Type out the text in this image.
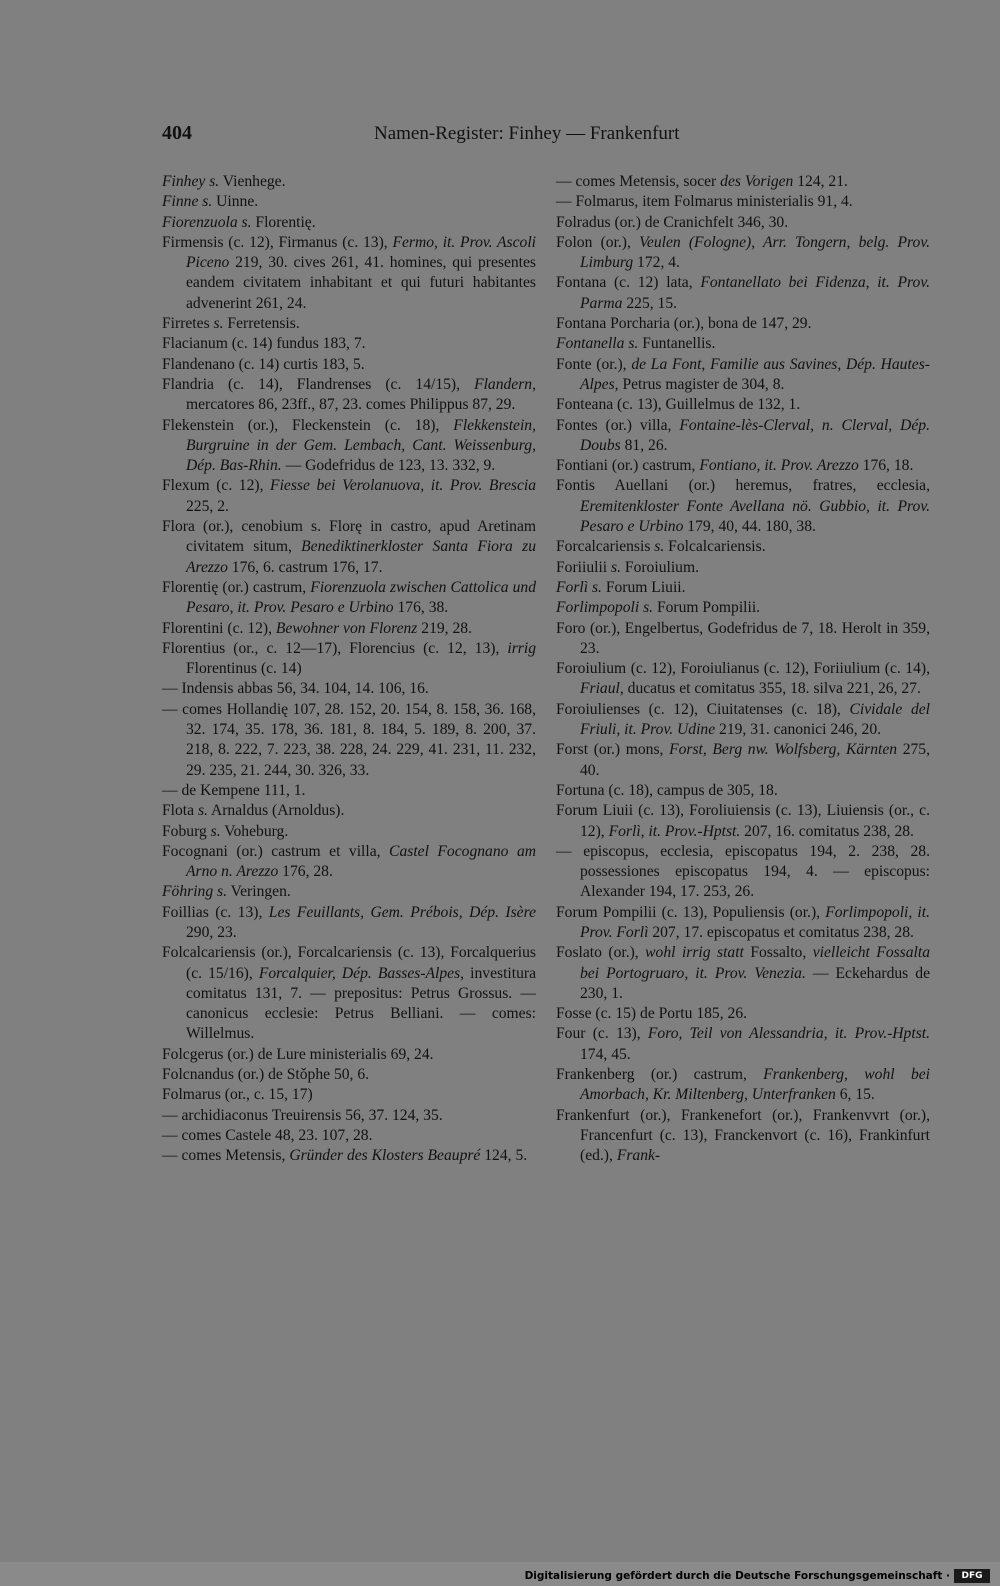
404	Namen-Register: Finhey — Frankenfurt

Finhey s. Vienhege.

Finne s. Uinne.

Fiorenzuola s. Florentię.

Firmensis (c. 12), Firmanus (c. 13), Fermo, it. Prov. Ascoli Piceno 219, 30. cives 261, 41. homines, qui presentes eandem civitatem inhabitant et qui futuri habitantes advenerint 261, 24.

Firretes s. Ferretensis.

Flacianum (c. 14) fundus 183, 7.

Flandenano (c. 14) curtis 183, 5.

Flandria (c. 14), Flandrenses (c. 14/15), Flandern, mercatores 86, 23ff., 87, 23. comes Philippus 87, 29.

Flekenstein (or.), Fleckenstein (c. 18), Flekkenstein, Burgruine in der Gem. Lembach, Cant. Weissenburg, Dép. Bas-Rhin. — Godefridus de 123, 13. 332, 9.

Flexum (c. 12), Fiesse bei Verolanuova, it. Prov. Brescia 225, 2.

Flora (or.), cenobium s. Florę in castro, apud Aretinam civitatem situm, Benediktinerkloster Santa Fiora zu Arezzo 176, 6. castrum 176, 17.

Florentię (or.) castrum, Fiorenzuola zwischen Cattolica und Pesaro, it. Prov. Pesaro e Urbino 176, 38.

Florentini (c. 12), Bewohner von Florenz 219, 28.

Florentius (or., c. 12—17), Florencius (c. 12, 13), irrig Florentinus (c. 14)

— Indensis abbas 56, 34. 104, 14. 106, 16.

— comes Hollandię 107, 28. 152, 20. 154, 8. 158, 36. 168, 32. 174, 35. 178, 36. 181, 8. 184, 5. 189, 8. 200, 37. 218, 8. 222, 7. 223, 38. 228, 24. 229, 41. 231, 11. 232, 29. 235, 21. 244, 30. 326, 33.

— de Kempene 111, 1.

Flota s. Arnaldus (Arnoldus).

Foburg s. Voheburg.

Focognani (or.) castrum et villa, Castel Focognano am Arno n. Arezzo 176, 28.

Föhring s. Veringen.

Foillias (c. 13), Les Feuillants, Gem. Prébois, Dép. Isère 290, 23.

Folcalcariensis (or.), Forcalcariensis (c. 13), Forcalquerius (c. 15/16), Forcalquier, Dép. Basses-Alpes, investitura comitatus 131, 7. — prepositus: Petrus Grossus. — canonicus ecclesie: Petrus Belliani. — comes: Willelmus.

Folcgerus (or.) de Lure ministerialis 69, 24.

Folcnandus (or.) de Stǒphe 50, 6.

Folmarus (or., c. 15, 17)

— archidiaconus Treuirensis 56, 37. 124, 35.

— comes Castele 48, 23. 107, 28.

— comes Metensis, Gründer des Klosters Beaupré 124, 5.

— comes Metensis, socer des Vorigen 124, 21.

— Folmarus, item Folmarus ministerialis 91, 4.

Folradus (or.) de Cranichfelt 346, 30.

Folon (or.), Veulen (Fologne), Arr. Tongern, belg. Prov. Limburg 172, 4.

Fontana (c. 12) lata, Fontanellato bei Fidenza, it. Prov. Parma 225, 15.

Fontana Porcharia (or.), bona de 147, 29.

Fontanella s. Funtanellis.

Fonte (or.), de La Font, Familie aus Savines, Dép. Hautes-Alpes, Petrus magister de 304, 8.

Fonteana (c. 13), Guillelmus de 132, 1.

Fontes (or.) villa, Fontaine-lès-Clerval, n. Clerval, Dép. Doubs 81, 26.

Fontiani (or.) castrum, Fontiano, it. Prov. Arezzo 176, 18.

Fontis Auellani (or.) heremus, fratres, ecclesia, Eremitenkloster Fonte Avellana nö. Gubbio, it. Prov. Pesaro e Urbino 179, 40, 44. 180, 38.

Forcalcariensis s. Folcalcariensis.

Foriiulii s. Foroiulium.

Forlì s. Forum Liuii.

Forlimpopoli s. Forum Pompilii.

Foro (or.), Engelbertus, Godefridus de 7, 18. Herolt in 359, 23.

Foroiulium (c. 12), Foroiulianus (c. 12), Foriiulium (c. 14), Friaul, ducatus et comitatus 355, 18. silva 221, 26, 27.

Foroiulienses (c. 12), Ciuitatenses (c. 18), Cividale del Friuli, it. Prov. Udine 219, 31. canonici 246, 20.

Forst (or.) mons, Forst, Berg nw. Wolfsberg, Kärnten 275, 40.

Fortuna (c. 18), campus de 305, 18.

Forum Liuii (c. 13), Foroliuiensis (c. 13), Liuiensis (or., c. 12), Forlì, it. Prov.-Hptst. 207, 16. comitatus 238, 28.

— episcopus, ecclesia, episcopatus 194, 2. 238, 28. possessiones episcopatus 194, 4. — episcopus: Alexander 194, 17. 253, 26.

Forum Pompilii (c. 13), Populiensis (or.), Forlimpopoli, it. Prov. Forlì 207, 17. episcopatus et comitatus 238, 28.

Foslato (or.), wohl irrig statt Fossalto, vielleicht Fossalta bei Portogruaro, it. Prov. Venezia. — Eckehardus de 230, 1.

Fosse (c. 15) de Portu 185, 26.

Four (c. 13), Foro, Teil von Alessandria, it. Prov.-Hptst. 174, 45.

Frankenberg (or.) castrum, Frankenberg, wohl bei Amorbach, Kr. Miltenberg, Unterfranken 6, 15.

Frankenfurt (or.), Frankenefort (or.), Frankenvvrt (or.), Francenfurt (c. 13), Franckenvort (c. 16), Frankinfurt (ed.), Frank-

Digitalisierung gefördert durch die Deutsche Forschungsgemeinschaft ·	DFG
